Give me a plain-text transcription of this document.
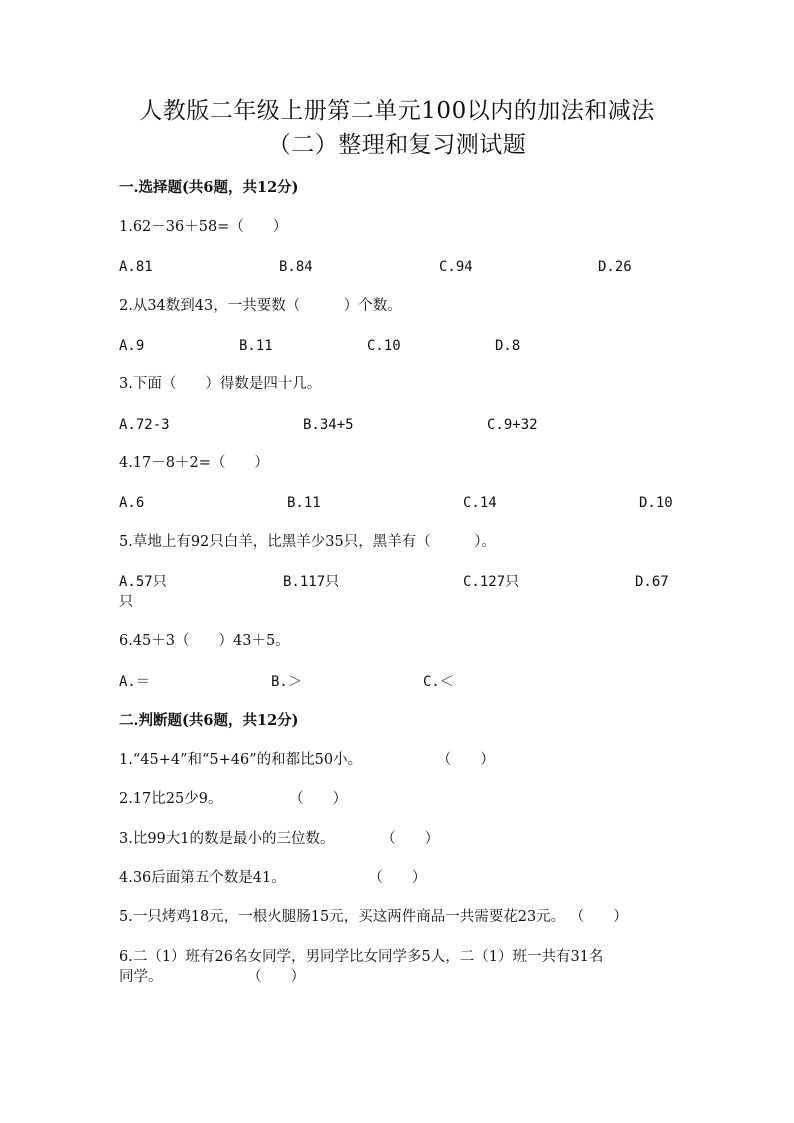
人教版二年级上册第二单元100以内的加法和减法
（二）整理和复习测试题
一.选择题(共6题，共12分)
1.62－36＋58=（　　）
A.81	B.84	C.94	D.26
2.从34数到43，一共要数（　　　）个数。
A.9	B.11	C.10	D.8
3.下面（　　）得数是四十几。
A.72-3	B.34+5	C.9+32
4.17－8＋2=（　　）
A.6	B.11	C.14	D.10
5.草地上有92只白羊，比黑羊少35只，黑羊有（　　　）。
A.57只	B.117只	C.127只	D.67
只
6.45＋3（　　）43＋5。
A.＝	B.＞	C.＜
二.判断题(共6题，共12分)
1.“45+4”和“5+46”的和都比50小。	（　　）
2.17比25少9。	（　　）
3.比99大1的数是最小的三位数。	（　　）
4.36后面第五个数是41。	（　　）
5.一只烤鸡18元，一根火腿肠15元，买这两件商品一共需要花23元。 （　　）
6.二（1）班有26名女同学，男同学比女同学多5人，二（1）班一共有31名
同学。	（　　）
